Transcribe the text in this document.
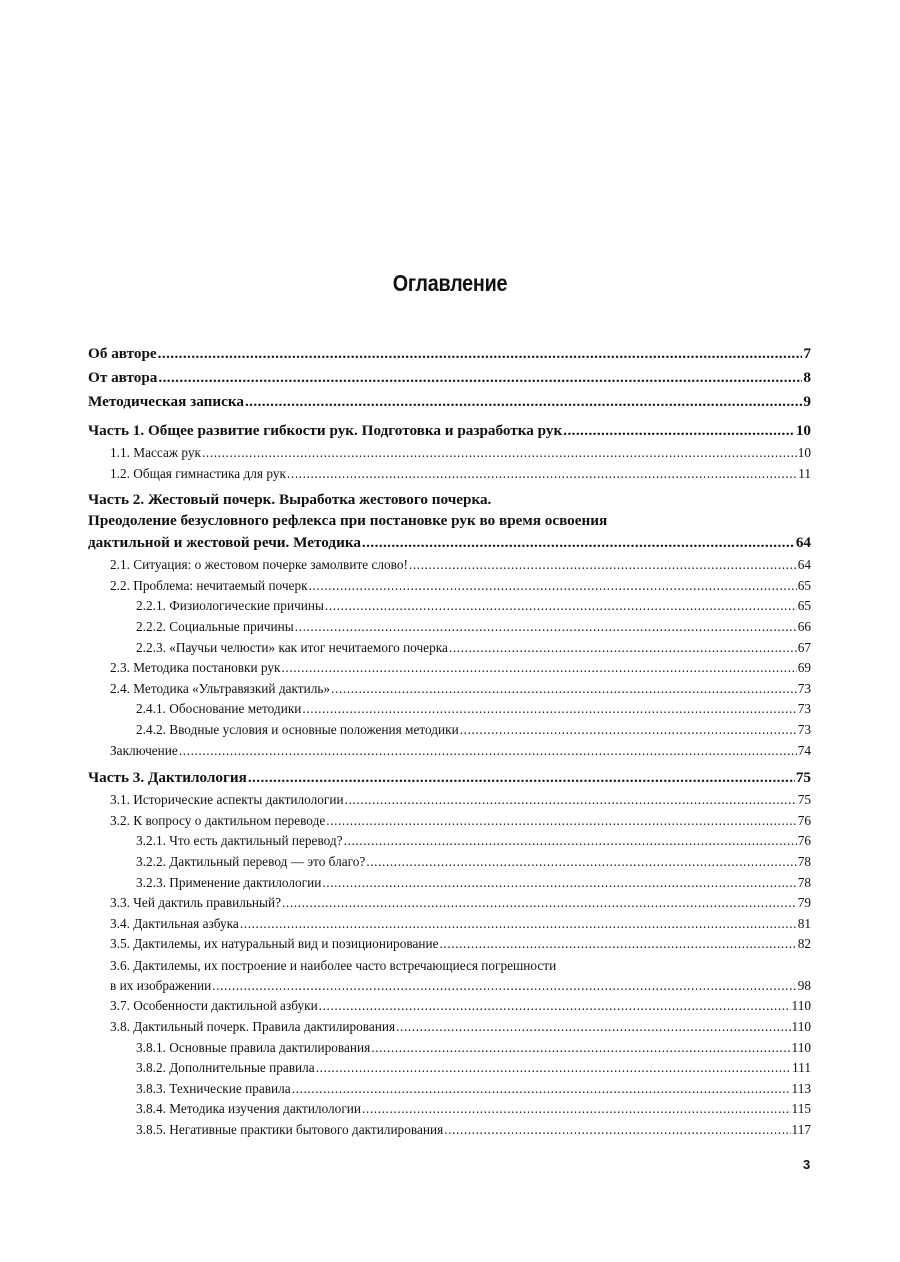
Оглавление
Об авторе .....	7
От автора .....	8
Методическая записка .....	9
Часть 1. Общее развитие гибкости рук. Подготовка и разработка рук .....	10
1.1. Массаж рук .....	10
1.2. Общая гимнастика для рук .....	11
Часть 2. Жестовый почерк. Выработка жестового почерка.
Преодоление безусловного рефлекса при постановке рук во время освоения
дактильной и жестовой речи. Методика .....	64
2.1. Ситуация: о жестовом почерке замолвите слово! .....	64
2.2. Проблема: нечитаемый почерк .....	65
2.2.1. Физиологические причины .....	65
2.2.2. Социальные причины .....	66
2.2.3. «Паучьи челюсти» как итог нечитаемого почерка .....	67
2.3. Методика постановки рук .....	69
2.4. Методика «Ультравязкий дактиль» .....	73
2.4.1. Обоснование методики .....	73
2.4.2. Вводные условия и основные положения методики .....	73
Заключение .....	74
Часть 3. Дактилология .....	75
3.1. Исторические аспекты дактилологии .....	75
3.2. К вопросу о дактильном переводе .....	76
3.2.1. Что есть дактильный перевод? .....	76
3.2.2. Дактильный перевод — это благо? .....	78
3.2.3. Применение дактилологии .....	78
3.3. Чей дактиль правильный? .....	79
3.4. Дактильная азбука .....	81
3.5. Дактилемы, их натуральный вид и позиционирование .....	82
3.6. Дактилемы, их построение и наиболее часто встречающиеся погрешности
в их изображении .....	98
3.7. Особенности дактильной азбуки .....	110
3.8. Дактильный почерк. Правила дактилирования .....	110
3.8.1. Основные правила дактилирования .....	110
3.8.2. Дополнительные правила .....	111
3.8.3. Технические правила .....	113
3.8.4. Методика изучения дактилологии .....	115
3.8.5. Негативные практики бытового дактилирования .....	117
3
